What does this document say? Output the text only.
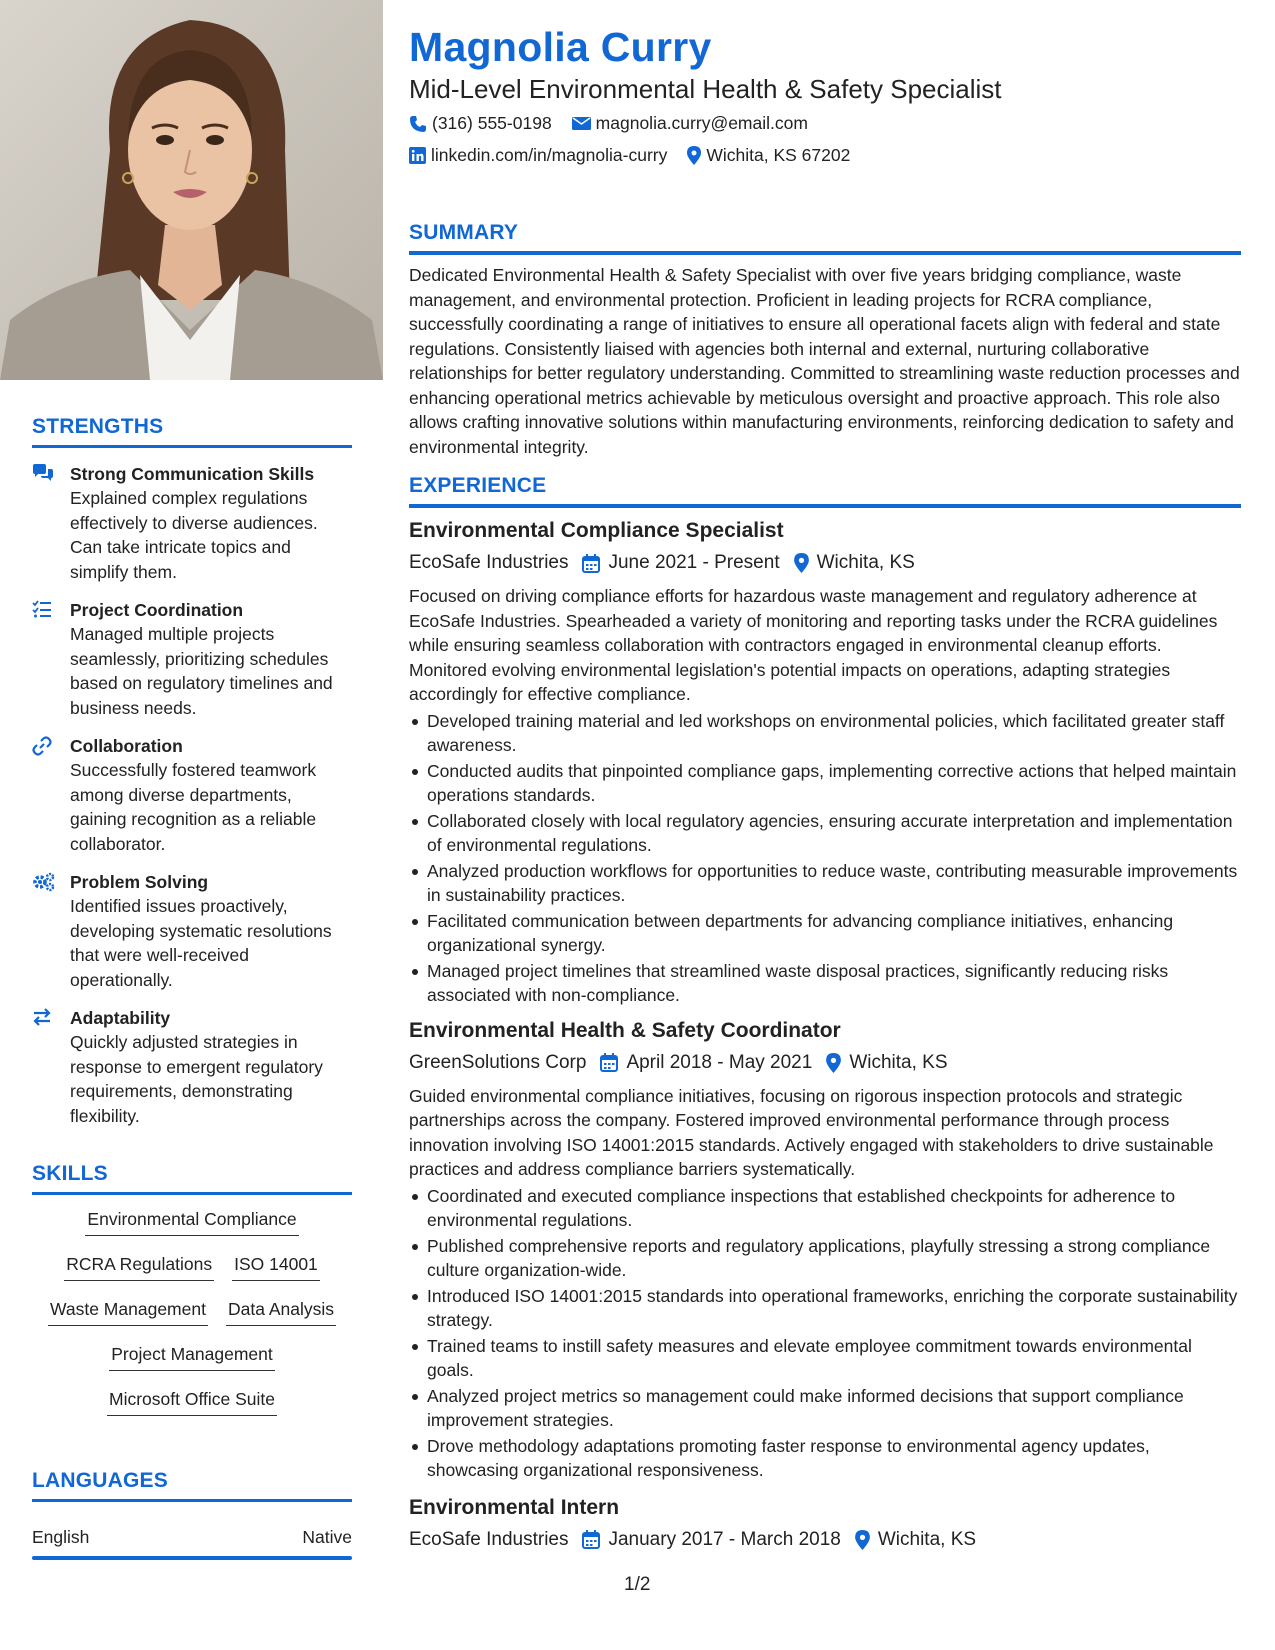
STRENGTHS
Strong Communication Skills
Explained complex regulations effectively to diverse audiences. Can take intricate topics and simplify them.
Project Coordination
Managed multiple projects seamlessly, prioritizing schedules based on regulatory timelines and business needs.
Collaboration
Successfully fostered teamwork among diverse departments, gaining recognition as a reliable collaborator.
Problem Solving
Identified issues proactively, developing systematic resolutions that were well-received operationally.
Adaptability
Quickly adjusted strategies in response to emergent regulatory requirements, demonstrating flexibility.
SKILLS
Environmental Compliance
RCRA Regulations ISO 14001
Waste Management Data Analysis
Project Management
Microsoft Office Suite
LANGUAGES
English	Native
Magnolia Curry
Mid-Level Environmental Health & Safety Specialist
(316) 555-0198	magnolia.curry@email.com
linkedin.com/in/magnolia-curry Wichita, KS 67202
SUMMARY
Dedicated Environmental Health & Safety Specialist with over five years bridging compliance, waste management, and environmental protection. Proficient in leading projects for RCRA compliance, successfully coordinating a range of initiatives to ensure all operational facets align with federal and state regulations. Consistently liaised with agencies both internal and external, nurturing collaborative relationships for better regulatory understanding. Committed to streamlining waste reduction processes and enhancing operational metrics achievable by meticulous oversight and proactive approach. This role also allows crafting innovative solutions within manufacturing environments, reinforcing dedication to safety and environmental integrity.
EXPERIENCE
Environmental Compliance Specialist
EcoSafe Industries June 2021 - Present Wichita, KS
Focused on driving compliance efforts for hazardous waste management and regulatory adherence at EcoSafe Industries. Spearheaded a variety of monitoring and reporting tasks under the RCRA guidelines while ensuring seamless collaboration with contractors engaged in environmental cleanup efforts. Monitored evolving environmental legislation's potential impacts on operations, adapting strategies accordingly for effective compliance.
Developed training material and led workshops on environmental policies, which facilitated greater staff awareness.
Conducted audits that pinpointed compliance gaps, implementing corrective actions that helped maintain operations standards.
Collaborated closely with local regulatory agencies, ensuring accurate interpretation and implementation of environmental regulations.
Analyzed production workflows for opportunities to reduce waste, contributing measurable improvements in sustainability practices.
Facilitated communication between departments for advancing compliance initiatives, enhancing organizational synergy.
Managed project timelines that streamlined waste disposal practices, significantly reducing risks associated with non-compliance.
Environmental Health & Safety Coordinator
GreenSolutions Corp April 2018 - May 2021 Wichita, KS
Guided environmental compliance initiatives, focusing on rigorous inspection protocols and strategic partnerships across the company. Fostered improved environmental performance through process innovation involving ISO 14001:2015 standards. Actively engaged with stakeholders to drive sustainable practices and address compliance barriers systematically.
Coordinated and executed compliance inspections that established checkpoints for adherence to environmental regulations.
Published comprehensive reports and regulatory applications, playfully stressing a strong compliance culture organization-wide.
Introduced ISO 14001:2015 standards into operational frameworks, enriching the corporate sustainability strategy.
Trained teams to instill safety measures and elevate employee commitment towards environmental goals.
Analyzed project metrics so management could make informed decisions that support compliance improvement strategies.
Drove methodology adaptations promoting faster response to environmental agency updates, showcasing organizational responsiveness.
Environmental Intern
EcoSafe Industries January 2017 - March 2018 Wichita, KS
1/2
